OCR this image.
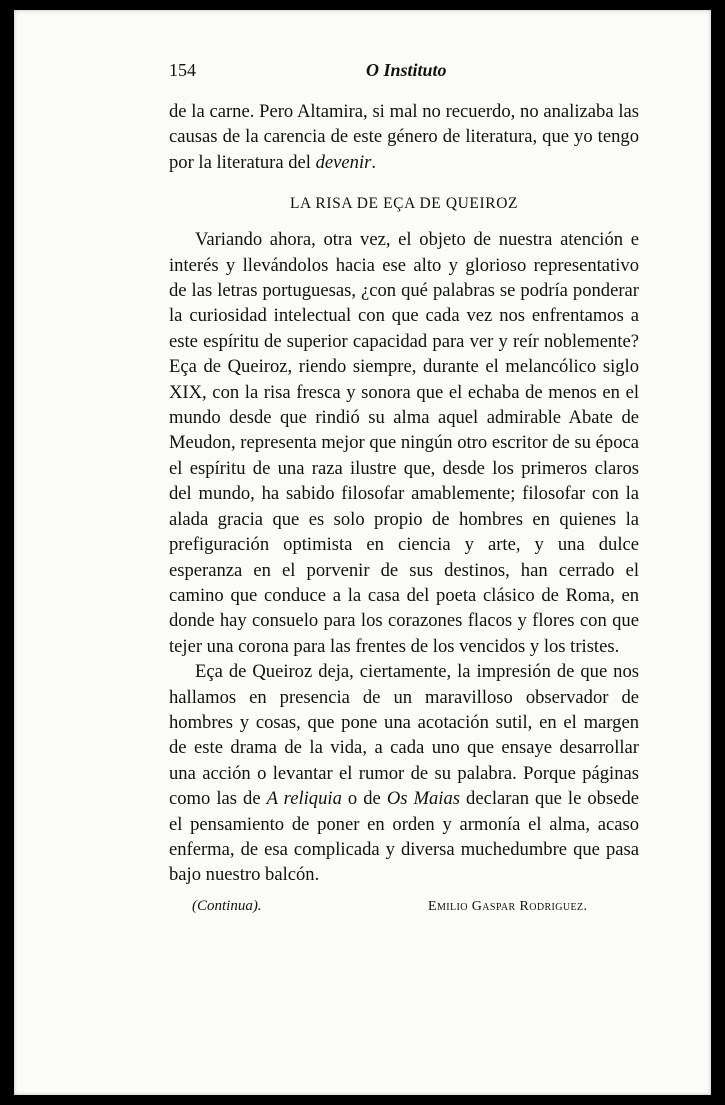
154	O Instituto

de la carne. Pero Altamira, si mal no recuerdo, no analizaba las causas de la carencia de este género de literatura, que yo tengo por la literatura del devenir.

LA RISA DE EÇA DE QUEIROZ

Variando ahora, otra vez, el objeto de nuestra atención e interés y llevándolos hacia ese alto y glorioso representativo de las letras portuguesas, ¿con qué palabras se podría ponderar la curiosidad intelectual con que cada vez nos enfrentamos a este espíritu de superior capacidad para ver y reír noblemente? Eça de Queiroz, riendo siempre, durante el melancólico siglo XIX, con la risa fresca y sonora que el echaba de menos en el mundo desde que rindió su alma aquel admirable Abate de Meudon, representa mejor que ningún otro escritor de su época el espíritu de una raza ilustre que, desde los primeros claros del mundo, ha sabido filosofar amablemente; filosofar con la alada gracia que es solo propio de hombres en quienes la prefiguración optimista en ciencia y arte, y una dulce esperanza en el porvenir de sus destinos, han cerrado el camino que conduce a la casa del poeta clásico de Roma, en donde hay consuelo para los corazones flacos y flores con que tejer una corona para las frentes de los vencidos y los tristes.

Eça de Queiroz deja, ciertamente, la impresión de que nos hallamos en presencia de un maravilloso observador de hombres y cosas, que pone una acotación sutil, en el margen de este drama de la vida, a cada uno que ensaye desarrollar una acción o levantar el rumor de su palabra. Porque páginas como las de A reliquia o de Os Maias declaran que le obsede el pensamiento de poner en orden y armonía el alma, acaso enferma, de esa complicada y diversa muchedumbre que pasa bajo nuestro balcón.

(Continua).	Emilio Gaspar Rodriguez.
